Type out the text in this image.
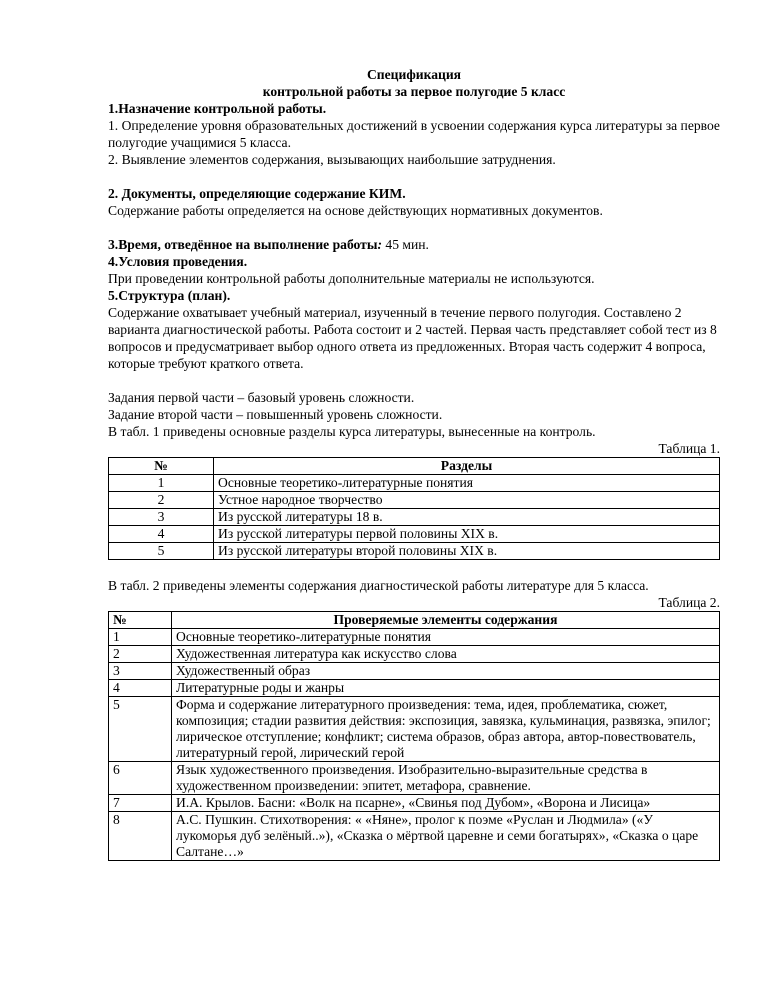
Спецификация

контрольной работы за первое полугодие 5 класс

1.Назначение контрольной работы.

1. Определение уровня образовательных достижений в усвоении содержания курса литературы за первое полугодие учащимися 5 класса.

2. Выявление элементов содержания, вызывающих наибольшие затруднения.

2. Документы, определяющие содержание КИМ.

Содержание работы определяется на основе действующих нормативных документов.

3.Время, отведённое на выполнение работы: 45 мин.

4.Условия проведения.

При проведении контрольной работы дополнительные материалы не используются.

5.Структура (план).

Содержание охватывает учебный материал, изученный в течение первого полугодия. Составлено 2 варианта диагностической работы. Работа состоит и 2 частей. Первая часть представляет собой тест из 8 вопросов и предусматривает выбор одного ответа из предложенных. Вторая часть содержит 4 вопроса, которые требуют краткого ответа.

Задания первой части – базовый уровень сложности.

Задание второй части – повышенный уровень сложности.

В табл. 1 приведены основные разделы курса литературы, вынесенные на контроль.

Таблица 1.

№	Разделы
1	Основные теоретико-литературные понятия
2	Устное народное творчество
3	Из русской литературы 18 в.
4	Из русской литературы первой половины XIX в.
5	Из русской литературы второй половины XIX в.

В табл. 2 приведены элементы содержания диагностической работы литературе для 5 класса.

Таблица 2.

№	Проверяемые элементы содержания
1	Основные теоретико-литературные понятия
2	Художественная литература как искусство слова
3	Художественный образ
4	Литературные роды и жанры
5	Форма и содержание литературного произведения: тема, идея, проблематика, сюжет, композиция; стадии развития действия: экспозиция, завязка, кульминация, развязка, эпилог; лирическое отступление; конфликт; система образов, образ автора, автор-повествователь, литературный герой, лирический герой
6	Язык художественного произведения. Изобразительно-выразительные средства в художественном произведении: эпитет, метафора, сравнение.
7	И.А. Крылов. Басни: «Волк на псарне», «Свинья под Дубом», «Ворона и Лисица»
8	А.С. Пушкин. Стихотворения: « «Няне», пролог к поэме «Руслан и Людмила» («У лукоморья дуб зелёный..»), «Сказка о мёртвой царевне и семи богатырях», «Сказка о царе Салтане…»
